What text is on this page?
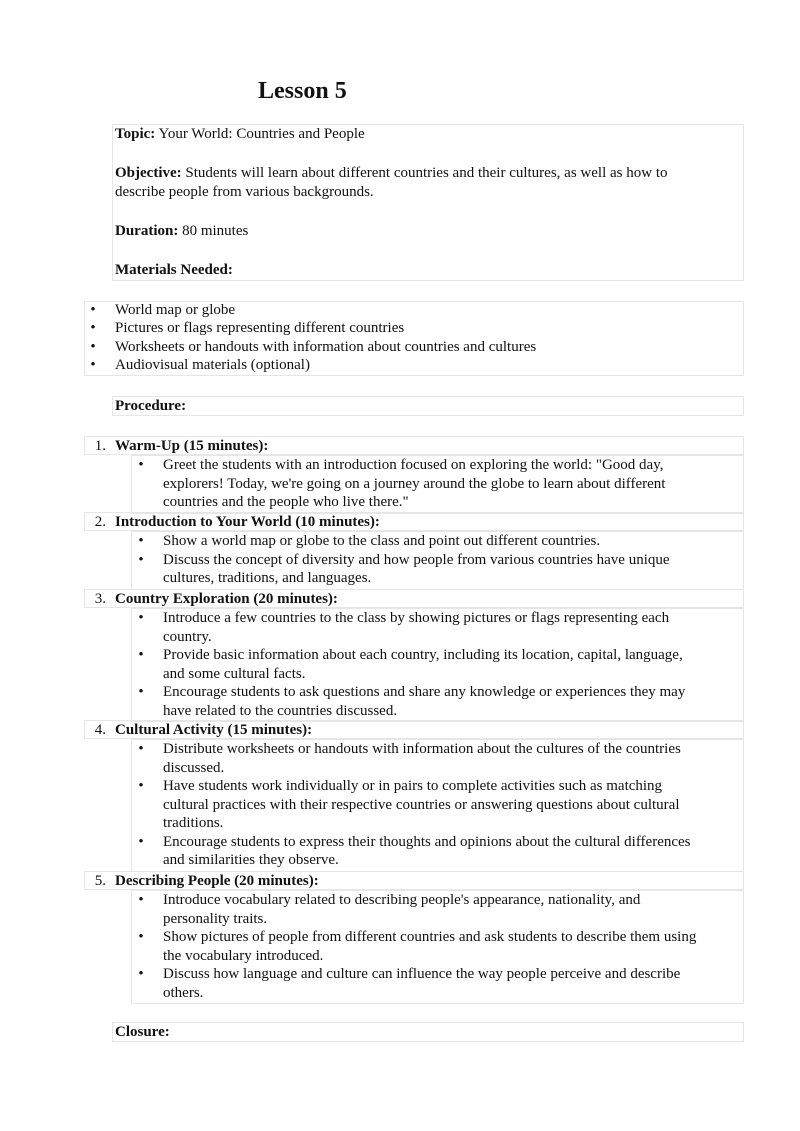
Lesson 5
Topic: Your World: Countries and People
Objective: Students will learn about different countries and their cultures, as well as how to
describe people from various backgrounds.
Duration: 80 minutes
Materials Needed:
• World map or globe
• Pictures or flags representing different countries
• Worksheets or handouts with information about countries and cultures
• Audiovisual materials (optional)
Procedure:
1. Warm-Up (15 minutes):
• Greet the students with an introduction focused on exploring the world: "Good day,
explorers! Today, we're going on a journey around the globe to learn about different
countries and the people who live there."
2. Introduction to Your World (10 minutes):
• Show a world map or globe to the class and point out different countries.
• Discuss the concept of diversity and how people from various countries have unique
cultures, traditions, and languages.
3. Country Exploration (20 minutes):
• Introduce a few countries to the class by showing pictures or flags representing each
country.
• Provide basic information about each country, including its location, capital, language,
and some cultural facts.
• Encourage students to ask questions and share any knowledge or experiences they may
have related to the countries discussed.
4. Cultural Activity (15 minutes):
• Distribute worksheets or handouts with information about the cultures of the countries
discussed.
• Have students work individually or in pairs to complete activities such as matching
cultural practices with their respective countries or answering questions about cultural
traditions.
• Encourage students to express their thoughts and opinions about the cultural differences
and similarities they observe.
5. Describing People (20 minutes):
• Introduce vocabulary related to describing people's appearance, nationality, and
personality traits.
• Show pictures of people from different countries and ask students to describe them using
the vocabulary introduced.
• Discuss how language and culture can influence the way people perceive and describe
others.
Closure:
